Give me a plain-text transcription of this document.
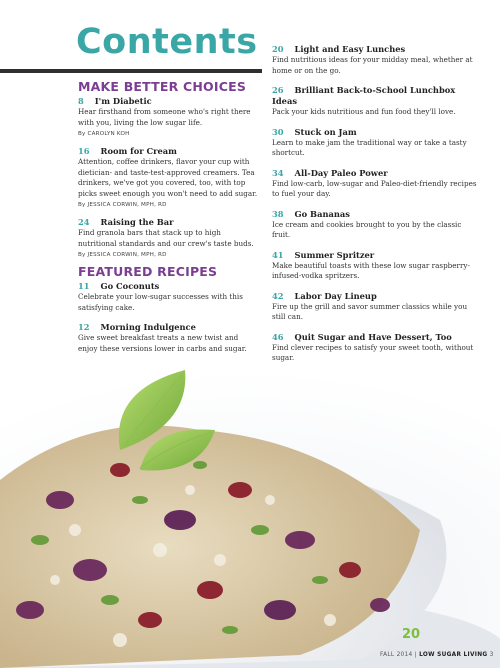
Contents
MAKE BETTER CHOICES

8 I'm Diabetic

Hear firsthand from someone who's right there with you, living the low sugar life.

By CAROLYN KOH

16 Room for Cream

Attention, coffee drinkers, flavor your cup with dietician- and taste-test-approved creamers. Tea drinkers, we've got you covered, too, with top picks sweet enough you won't need to add sugar.

By JESSICA CORWIN, MPH, RD

24 Raising the Bar

Find granola bars that stack up to high nutritional standards and our crew's taste buds.

By JESSICA CORWIN, MPH, RD

FEATURED RECIPES

11 Go Coconuts

Celebrate your low-sugar successes with this satisfying cake.

12 Morning Indulgence

Give sweet breakfast treats a new twist and enjoy these versions lower in carbs and sugar.

20 Light and Easy Lunches

Find nutritious ideas for your midday meal, whether at home or on the go.

26 Brilliant Back-to-School Lunchbox Ideas

Pack your kids nutritious and fun food they'll love.

30 Stuck on Jam

Learn to make jam the traditional way or take a tasty shortcut.

34 All-Day Paleo Power

Find low-carb, low-sugar and Paleo-diet-friendly recipes to fuel your day.

38 Go Bananas

Ice cream and cookies brought to you by the classic fruit.

41 Summer Spritzer

Make beautiful toasts with these low sugar raspberry-infused-vodka spritzers.

42 Labor Day Lineup

Fire up the grill and savor summer classics while you still can.

46 Quit Sugar and Have Dessert, Too

Find clever recipes to satisfy your sweet tooth, without sugar.

20
FALL 2014 | LOW SUGAR LIVING 3
